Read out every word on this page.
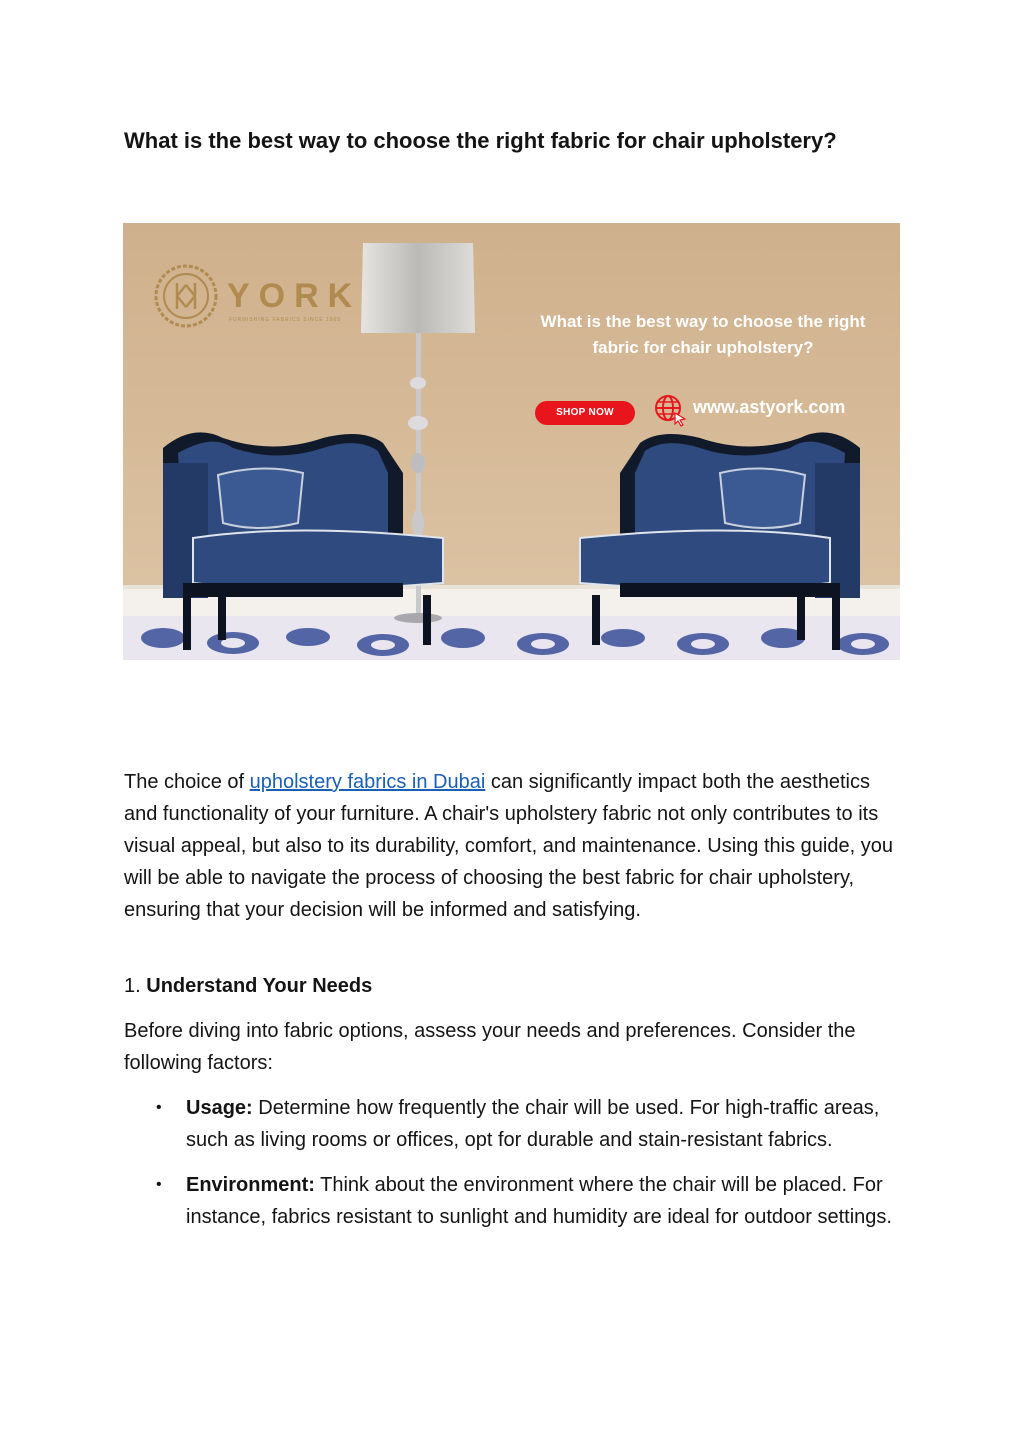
What is the best way to choose the right fabric for chair upholstery?
YORK
FURNISHING FABRICS SINCE 1965	What is the best way to choose the right fabric for chair upholstery?
SHOP NOW	www.astyork.com

The choice of upholstery fabrics in Dubai can significantly impact both the aesthetics and functionality of your furniture. A chair's upholstery fabric not only contributes to its visual appeal, but also to its durability, comfort, and maintenance. Using this guide, you will be able to navigate the process of choosing the best fabric for chair upholstery, ensuring that your decision will be informed and satisfying.

1. Understand Your Needs

Before diving into fabric options, assess your needs and preferences. Consider the following factors:

• Usage: Determine how frequently the chair will be used. For high-traffic areas, such as living rooms or offices, opt for durable and stain-resistant fabrics.
• Environment: Think about the environment where the chair will be placed. For instance, fabrics resistant to sunlight and humidity are ideal for outdoor settings.
